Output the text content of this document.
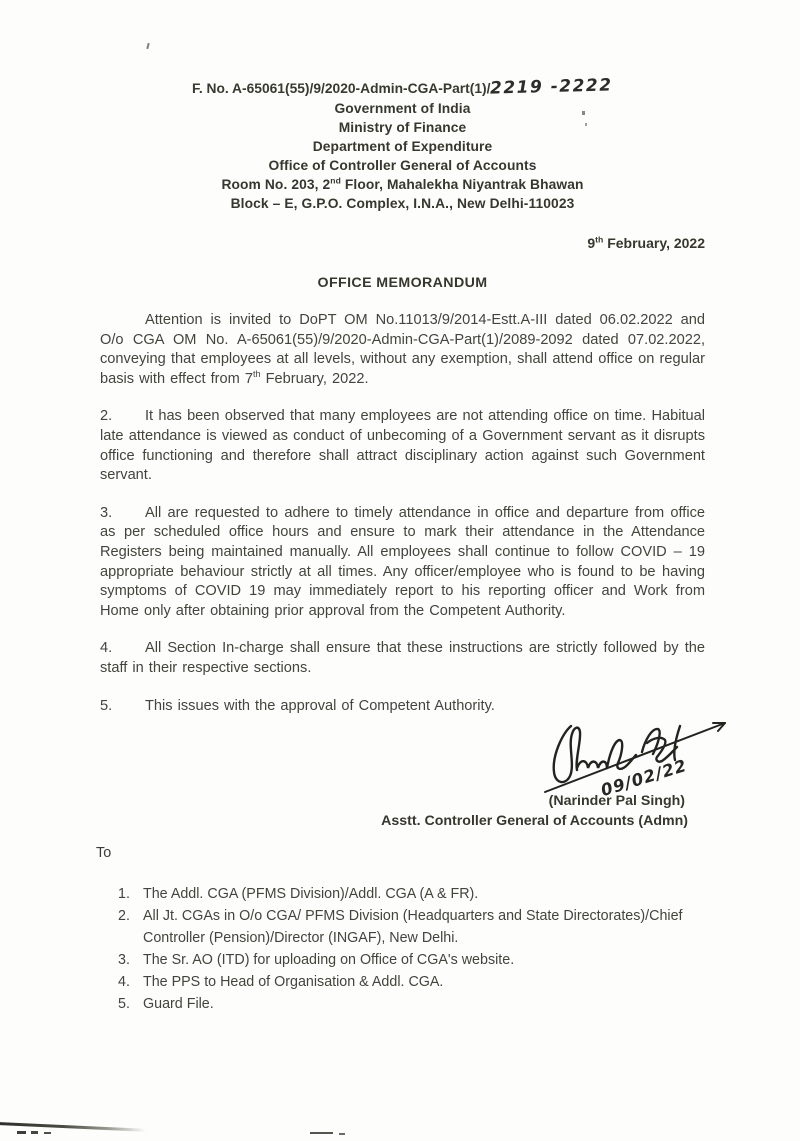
F. No. A-65061(55)/9/2020-Admin-CGA-Part(1)/2219 -2222
Government of India
Ministry of Finance
Department of Expenditure
Office of Controller General of Accounts
Room No. 203, 2nd Floor, Mahalekha Niyantrak Bhawan
Block – E, G.P.O. Complex, I.N.A., New Delhi-110023
9th February, 2022
OFFICE MEMORANDUM

Attention is invited to DoPT OM No.11013/9/2014-Estt.A-III dated 06.02.2022 and O/o CGA OM No. A-65061(55)/9/2020-Admin-CGA-Part(1)/2089-2092 dated 07.02.2022, conveying that employees at all levels, without any exemption, shall attend office on regular basis with effect from 7th February, 2022.

2. It has been observed that many employees are not attending office on time. Habitual late attendance is viewed as conduct of unbecoming of a Government servant as it disrupts office functioning and therefore shall attract disciplinary action against such Government servant.

3. All are requested to adhere to timely attendance in office and departure from office as per scheduled office hours and ensure to mark their attendance in the Attendance Registers being maintained manually. All employees shall continue to follow COVID – 19 appropriate behaviour strictly at all times. Any officer/employee who is found to be having symptoms of COVID 19 may immediately report to his reporting officer and Work from Home only after obtaining prior approval from the Competent Authority.

4. All Section In-charge shall ensure that these instructions are strictly followed by the staff in their respective sections.

5. This issues with the approval of Competent Authority.

09/02/22
(Narinder Pal Singh)
Asstt. Controller General of Accounts (Admn)
To
1. The Addl. CGA (PFMS Division)/Addl. CGA (A & FR).
2. All Jt. CGAs in O/o CGA/ PFMS Division (Headquarters and State Directorates)/Chief Controller (Pension)/Director (INGAF), New Delhi.
3. The Sr. AO (ITD) for uploading on Office of CGA's website.
4. The PPS to Head of Organisation & Addl. CGA.
5. Guard File.
